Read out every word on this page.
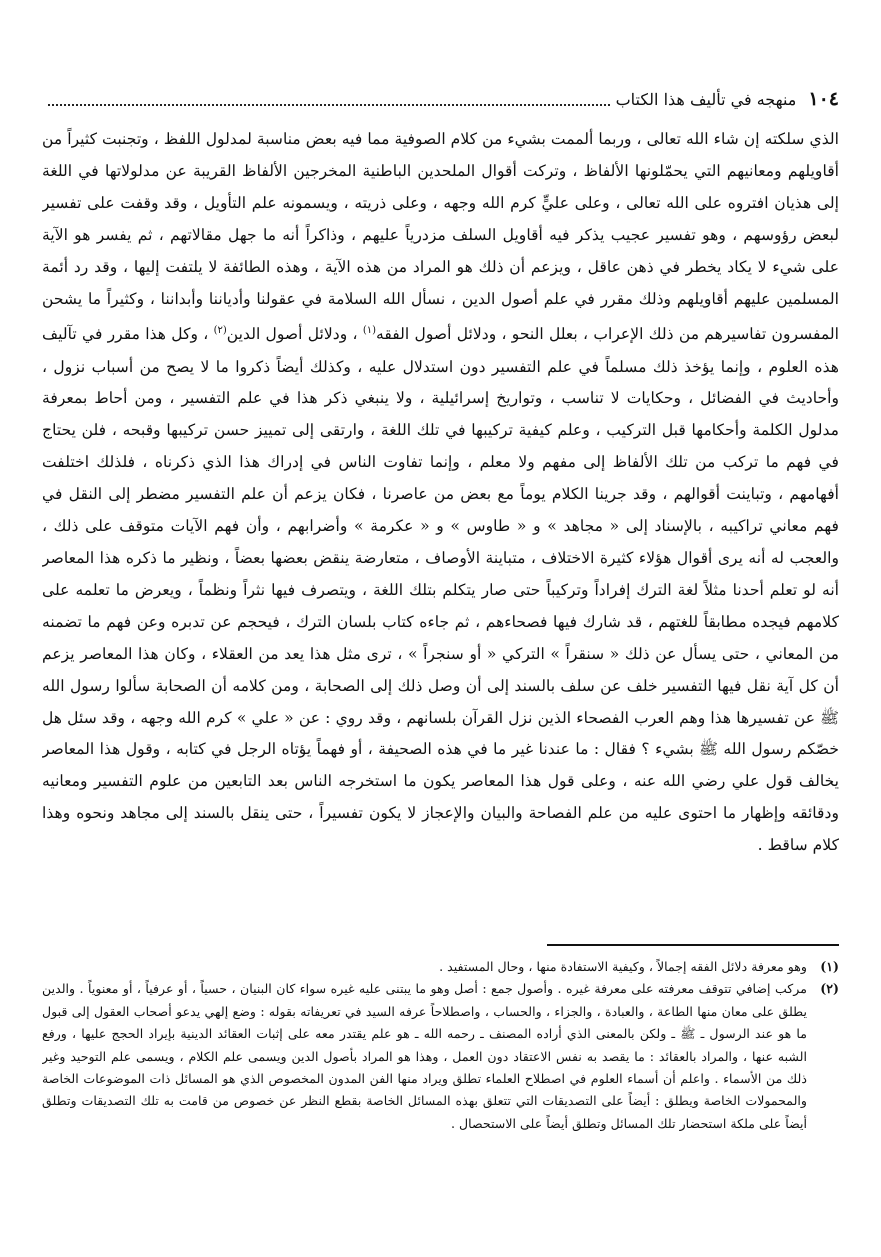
١٠٤
منهجه في تأليف هذا الكتاب

الذي سلكته إن شاء الله تعالى ، وربما ألممت بشيء من كلام الصوفية مما فيه بعض مناسبة لمدلول اللفظ ، وتجنبت كثيراً من أقاويلهم ومعانيهم التي يحمّلونها الألفاظ ، وتركت أقوال الملحدين الباطنية المخرجين الألفاظ القريبة عن مدلولاتها في اللغة إلى هذيان افتروه على الله تعالى ، وعلى عليٍّ كرم الله وجهه ، وعلى ذريته ، ويسمونه علم التأويل ، وقد وقفت على تفسير لبعض رؤوسهم ، وهو تفسير عجيب يذكر فيه أقاويل السلف مزدرياً عليهم ، وذاكراً أنه ما جهل مقالاتهم ، ثم يفسر هو الآية على شيء لا يكاد يخطر في ذهن عاقل ، ويزعم أن ذلك هو المراد من هذه الآية ، وهذه الطائفة لا يلتفت إليها ، وقد رد أئمة المسلمين عليهم أقاويلهم وذلك مقرر في علم أصول الدين ، نسأل الله السلامة في عقولنا وأدياننا وأبداننا ، وكثيراً ما يشحن المفسرون تفاسيرهم من ذلك الإعراب ، بعلل النحو ، ودلائل أصول الفقه$^{(١)}$ ، ودلائل أصول الدين$^{(٢)}$ ، وكل هذا مقرر في تآليف هذه العلوم ، وإنما يؤخذ ذلك مسلماً في علم التفسير دون استدلال عليه ، وكذلك أيضاً ذكروا ما لا يصح من أسباب نزول ، وأحاديث في الفضائل ، وحكايات لا تناسب ، وتواريخ إسرائيلية ، ولا ينبغي ذكر هذا في علم التفسير ، ومن أحاط بمعرفة مدلول الكلمة وأحكامها قبل التركيب ، وعلم كيفية تركيبها في تلك اللغة ، وارتقى إلى تمييز حسن تركيبها وقبحه ، فلن يحتاج في فهم ما تركب من تلك الألفاظ إلى مفهم ولا معلم ، وإنما تفاوت الناس في إدراك هذا الذي ذكرناه ، فلذلك اختلفت أفهامهم ، وتباينت أقوالهم ، وقد جرينا الكلام يوماً مع بعض من عاصرنا ، فكان يزعم أن علم التفسير مضطر إلى النقل في فهم معاني تراكيبه ، بالإسناد إلى « مجاهد » و « طاوس » و « عكرمة » وأضرابهم ، وأن فهم الآيات متوقف على ذلك ، والعجب له أنه يرى أقوال هؤلاء كثيرة الاختلاف ، متباينة الأوصاف ، متعارضة ينقض بعضها بعضاً ، ونظير ما ذكره هذا المعاصر أنه لو تعلم أحدنا مثلاً لغة الترك إفراداً وتركيباً حتى صار يتكلم بتلك اللغة ، ويتصرف فيها نثراً ونظماً ، ويعرض ما تعلمه على كلامهم فيجده مطابقاً للغتهم ، قد شارك فيها فصحاءهم ، ثم جاءه كتاب بلسان الترك ، فيحجم عن تدبره وعن فهم ما تضمنه من المعاني ، حتى يسأل عن ذلك « سنقراً » التركي « أو سنجراً » ، ترى مثل هذا يعد من العقلاء ، وكان هذا المعاصر يزعم أن كل آية نقل فيها التفسير خلف عن سلف بالسند إلى أن وصل ذلك إلى الصحابة ، ومن كلامه أن الصحابة سألوا رسول الله ﷺ عن تفسيرها هذا وهم العرب الفصحاء الذين نزل القرآن بلسانهم ، وقد روي : عن « علي » كرم الله وجهه ، وقد سئل هل خصّكم رسول الله ﷺ بشيء ؟ فقال : ما عندنا غير ما في هذه الصحيفة ، أو فهماً يؤتاه الرجل في كتابه ، وقول هذا المعاصر يخالف قول علي رضي الله عنه ، وعلى قول هذا المعاصر يكون ما استخرجه الناس بعد التابعين من علوم التفسير ومعانيه ودقائقه وإظهار ما احتوى عليه من علم الفصاحة والبيان والإعجاز لا يكون تفسيراً ، حتى ينقل بالسند إلى مجاهد ونحوه وهذا كلام ساقط .

(١)
وهو معرفة دلائل الفقه إجمالاً ، وكيفية الاستفادة منها ، وحال المستفيد .

(٢)
مركب إضافي تتوقف معرفته على معرفة غيره . وأصول جمع : أصل وهو ما يبتنى عليه غيره سواء كان البنيان ، حسياً ، أو عرفياً ، أو معنوياً . والدين يطلق على معان منها الطاعة ، والعبادة ، والجزاء ، والحساب ، واصطلاحاً عرفه السيد في تعريفاته بقوله : وضع إلهي يدعو أصحاب العقول إلى قبول ما هو عند الرسول ـ ﷺ ـ ولكن بالمعنى الذي أراده المصنف ـ رحمه الله ـ هو علم يقتدر معه على إثبات العقائد الدينية بإيراد الحجج عليها ، ورفع الشبه عنها ، والمراد بالعقائد : ما يقصد به نفس الاعتقاد دون العمل ، وهذا هو المراد بأصول الدين ويسمى علم الكلام ، ويسمى علم التوحيد وغير ذلك من الأسماء . واعلم أن أسماء العلوم في اصطلاح العلماء تطلق ويراد منها الفن المدون المخصوص الذي هو المسائل ذات الموضوعات الخاصة والمحمولات الخاصة ويطلق : أيضاً على التصديقات التي تتعلق بهذه المسائل الخاصة بقطع النظر عن خصوص من قامت به تلك التصديقات وتطلق أيضاً على ملكة استحضار تلك المسائل وتطلق أيضاً على الاستحصال .
